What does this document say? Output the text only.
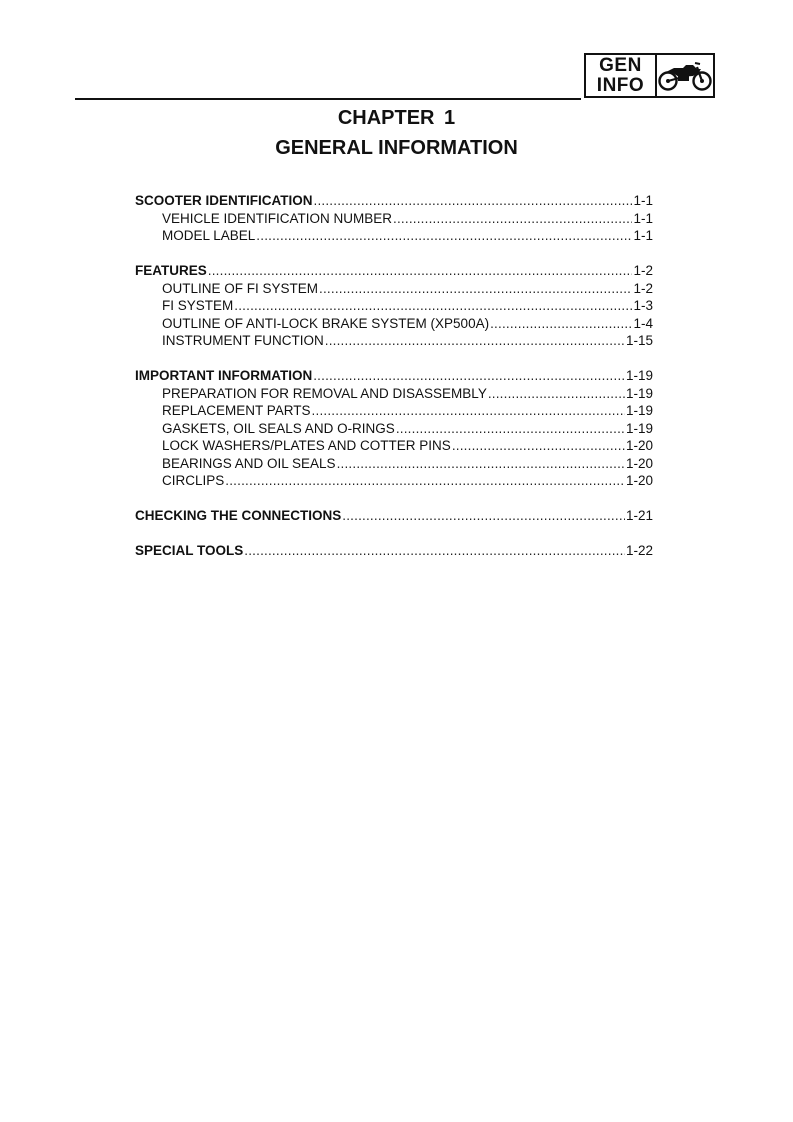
GEN
INFO
CHAPTER 1
GENERAL INFORMATION
SCOOTER IDENTIFICATION .....	1-1
VEHICLE IDENTIFICATION NUMBER .....	1-1
MODEL LABEL .....	1-1
FEATURES .....	1-2
OUTLINE OF FI SYSTEM .....	1-2
FI SYSTEM .....	1-3
OUTLINE OF ANTI-LOCK BRAKE SYSTEM (XP500A) .....	1-4
INSTRUMENT FUNCTION .....	1-15
IMPORTANT INFORMATION .....	1-19
PREPARATION FOR REMOVAL AND DISASSEMBLY .....	1-19
REPLACEMENT PARTS .....	1-19
GASKETS, OIL SEALS AND O-RINGS .....	1-19
LOCK WASHERS/PLATES AND COTTER PINS .....	1-20
BEARINGS AND OIL SEALS .....	1-20
CIRCLIPS .....	1-20
CHECKING THE CONNECTIONS .....	1-21
SPECIAL TOOLS .....	1-22
